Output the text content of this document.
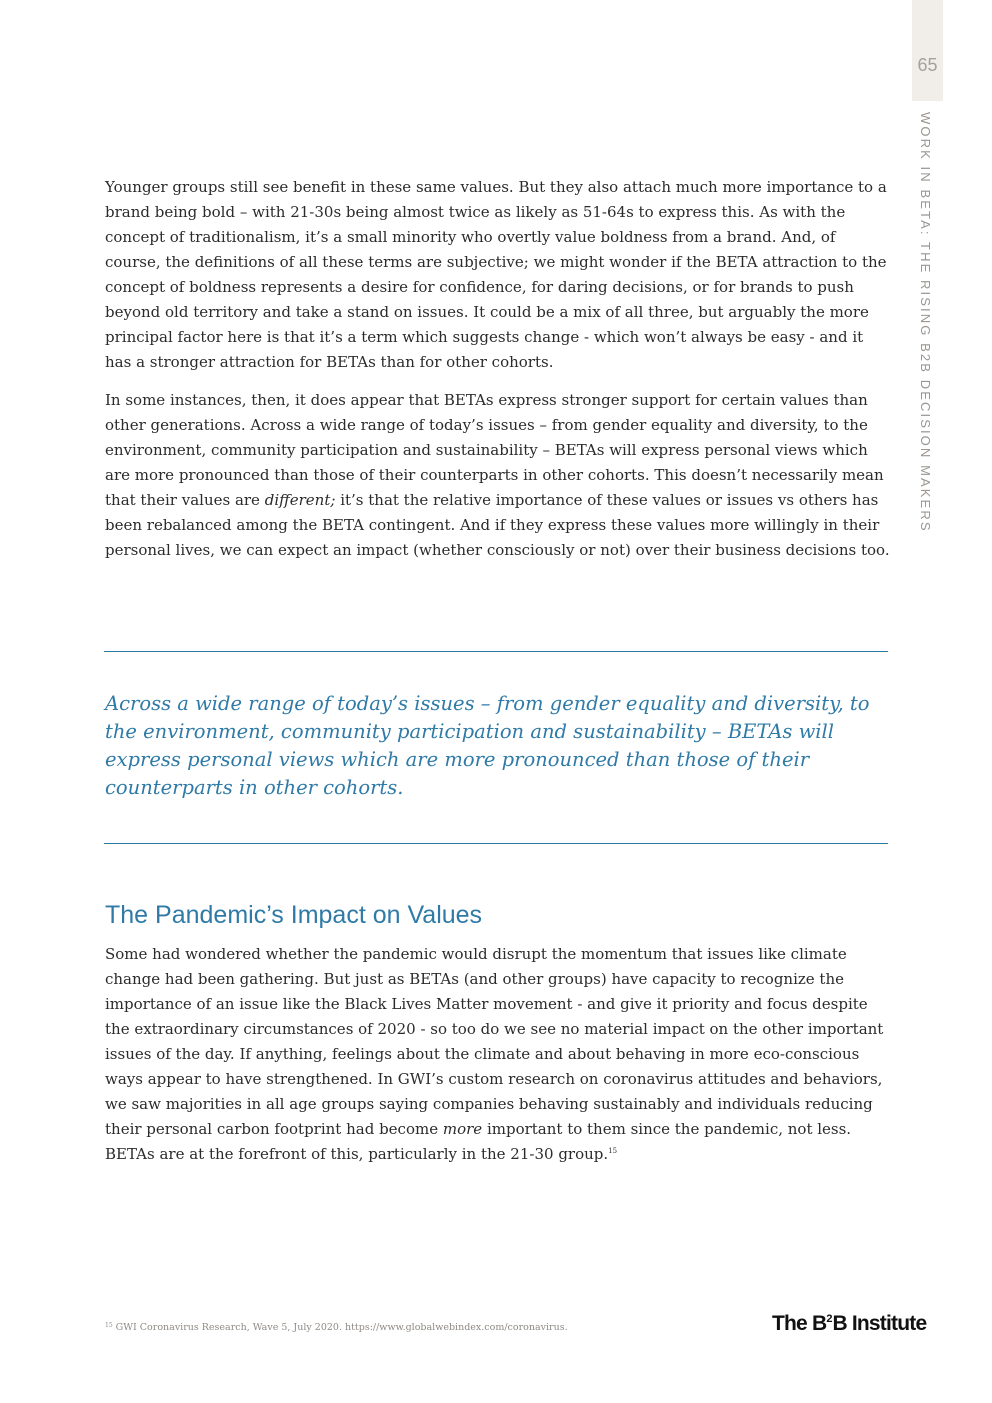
65
WORK IN BETA: THE RISING B2B DECISION MAKERS

Younger groups still see benefit in these same values. But they also attach much more importance to a brand being bold – with 21-30s being almost twice as likely as 51-64s to express this. As with the concept of traditionalism, it’s a small minority who overtly value boldness from a brand. And, of course, the definitions of all these terms are subjective; we might wonder if the BETA attraction to the concept of boldness represents a desire for confidence, for daring decisions, or for brands to push beyond old territory and take a stand on issues. It could be a mix of all three, but arguably the more principal factor here is that it’s a term which suggests change - which won’t always be easy - and it has a stronger attraction for BETAs than for other cohorts.

In some instances, then, it does appear that BETAs express stronger support for certain values than other generations. Across a wide range of today’s issues – from gender equality and diversity, to the environment, community participation and sustainability – BETAs will express personal views which are more pronounced than those of their counterparts in other cohorts. This doesn’t necessarily mean that their values are different; it’s that the relative importance of these values or issues vs others has been rebalanced among the BETA contingent. And if they express these values more willingly in their personal lives, we can expect an impact (whether consciously or not) over their business decisions too.

Across a wide range of today’s issues – from gender equality and diversity, to the environment, community participation and sustainability – BETAs will express personal views which are more pronounced than those of their counterparts in other cohorts.

The Pandemic’s Impact on Values

Some had wondered whether the pandemic would disrupt the momentum that issues like climate change had been gathering. But just as BETAs (and other groups) have capacity to recognize the importance of an issue like the Black Lives Matter movement - and give it priority and focus despite the extraordinary circumstances of 2020 - so too do we see no material impact on the other important issues of the day. If anything, feelings about the climate and about behaving in more eco-conscious ways appear to have strengthened. In GWI’s custom research on coronavirus attitudes and behaviors, we saw majorities in all age groups saying companies behaving sustainably and individuals reducing their personal carbon footprint had become more important to them since the pandemic, not less. BETAs are at the forefront of this, particularly in the 21-30 group.$^{15}$

$^{15}$ GWI Coronavirus Research, Wave 5, July 2020. https://www.globalwebindex.com/coronavirus.	The $B^2B$ Institute
